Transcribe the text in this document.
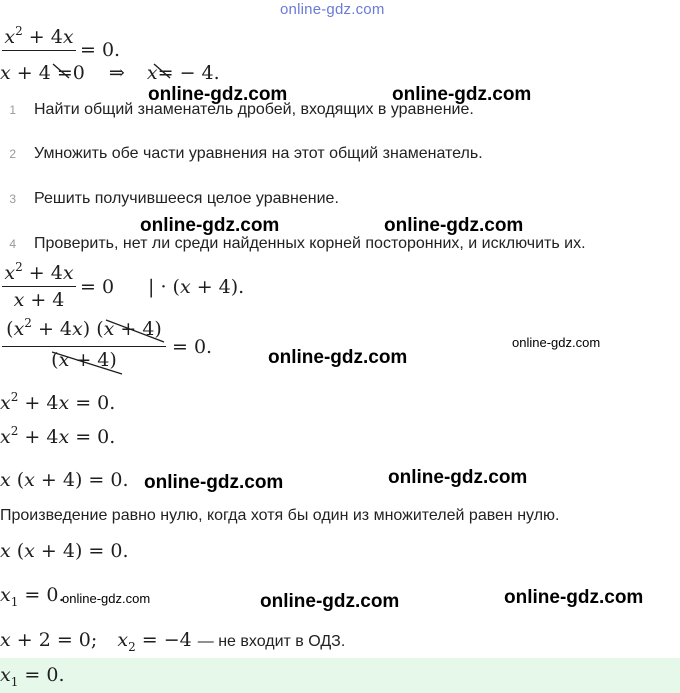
online-gdz.com
$x^2 + 4x$
= 0.
x + 4 =
0 ⇒ x=
− 4.
1 Найти общий знаменатель дробей, входящих в уравнение.
2 Умножить обе части уравнения на этот общий знаменатель.
3 Решить получившееся целое уравнение.
4 Проверить, нет ли среди найденных корней посторонних, и исключить их.
$x^2 + 4x$
x + 4
= 0 | · (x + 4).
$(x^2 + 4x) (x + 4)$
(x + 4)
= 0.
$x^2 + 4x = 0$.
$x^2 + 4x = 0$.
x (x + 4) = 0.
Произведение равно нулю, когда хотя бы один из множителей равен нулю.
x (x + 4) = 0.
$x_1 = 0$.
x + 2 = 0; $x_2 = -4$ — не входит в ОДЗ.
$x_1 = 0$.
online-gdz.com	online-gdz.com
online-gdz.com	online-gdz.com
online-gdz.com
online-gdz.com
online-gdz.com	online-gdz.com
online-gdz.com	online-gdz.com	online-gdz.com
